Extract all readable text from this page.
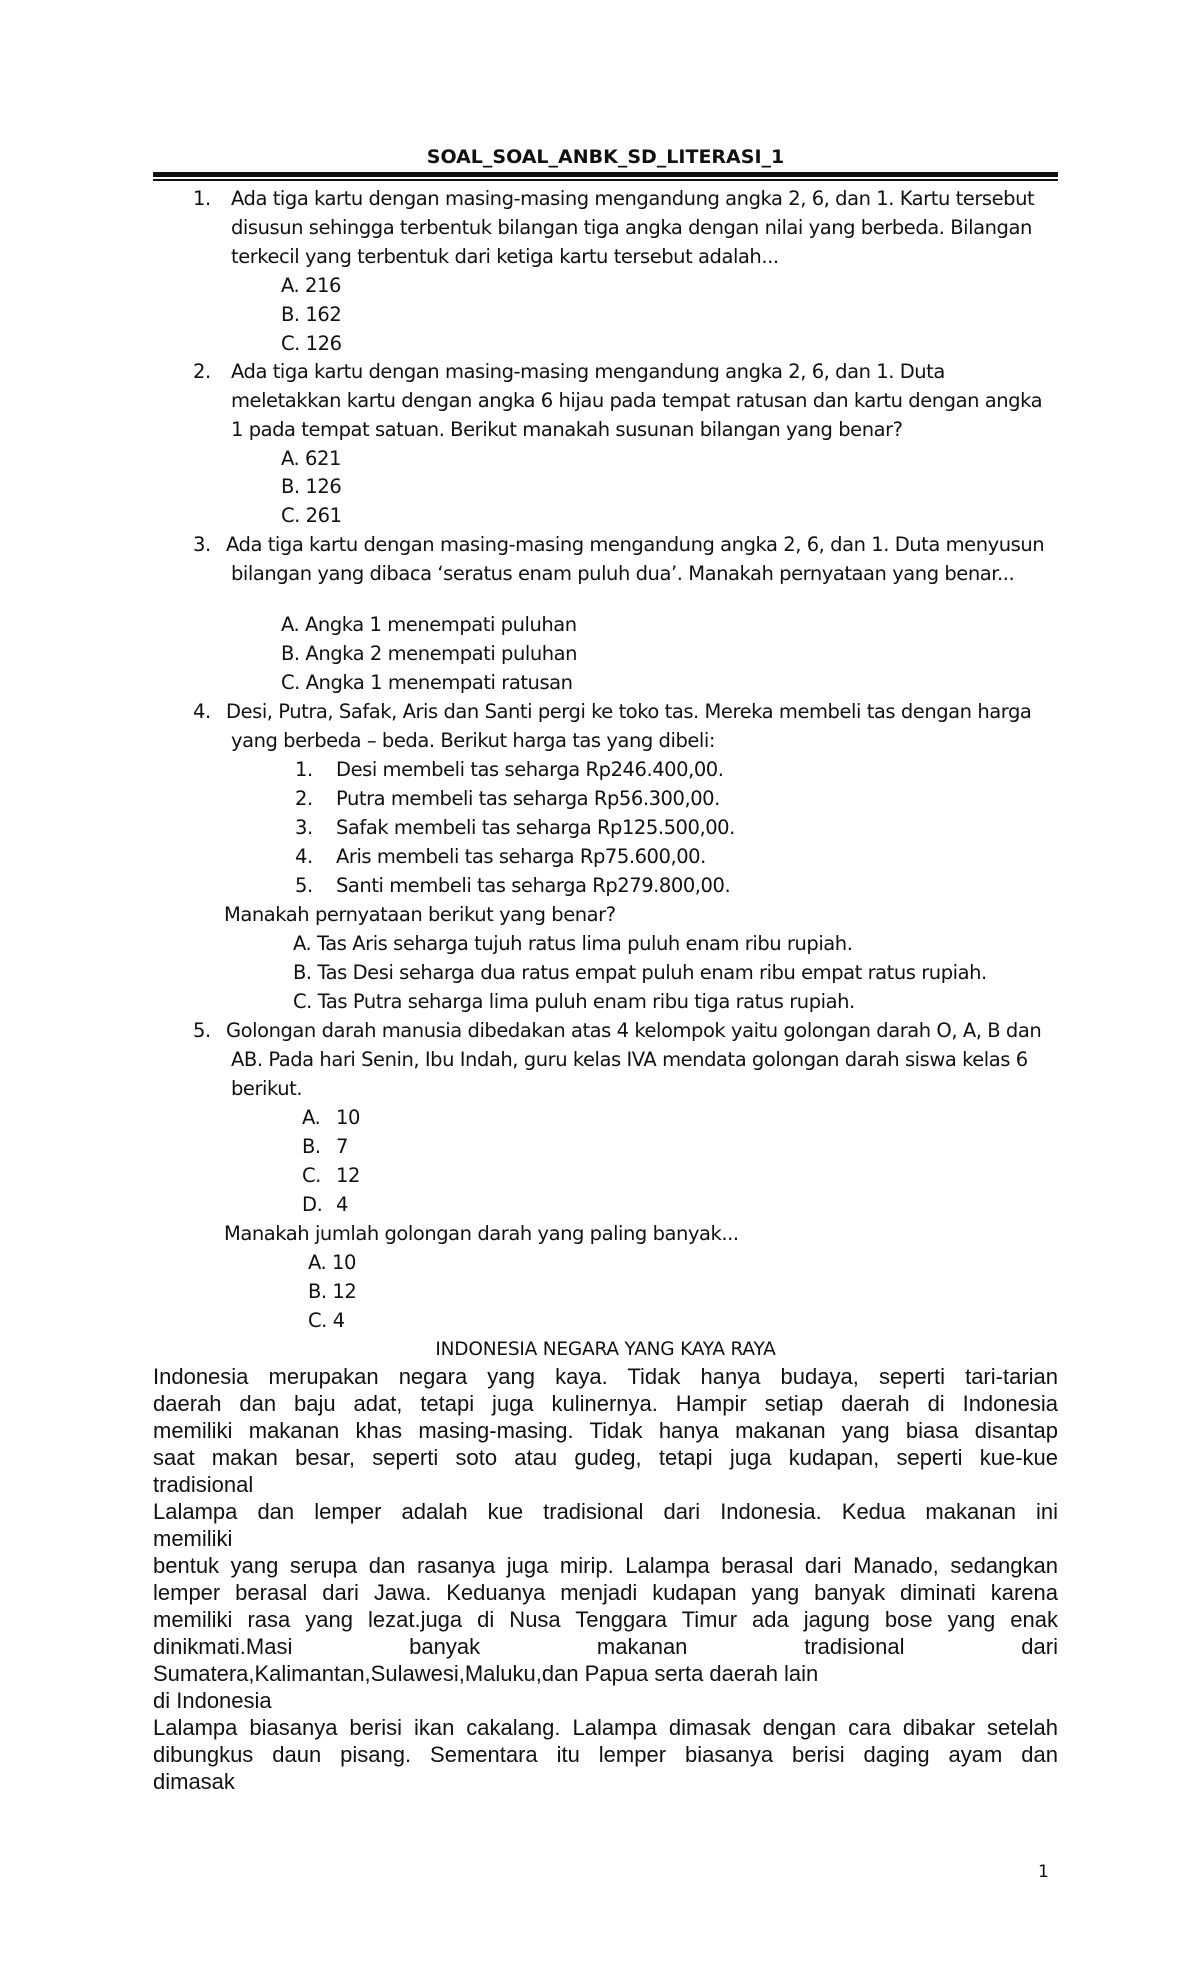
SOAL_SOAL_ANBK_SD_LITERASI_1
1. Ada tiga kartu dengan masing-masing mengandung angka 2, 6, dan 1. Kartu tersebut
disusun sehingga terbentuk bilangan tiga angka dengan nilai yang berbeda. Bilangan
terkecil yang terbentuk dari ketiga kartu tersebut adalah...
A. 216
B. 162
C. 126
2. Ada tiga kartu dengan masing-masing mengandung angka 2, 6, dan 1. Duta
meletakkan kartu dengan angka 6 hijau pada tempat ratusan dan kartu dengan angka
1 pada tempat satuan. Berikut manakah susunan bilangan yang benar?
A. 621
B. 126
C. 261
3. Ada tiga kartu dengan masing-masing mengandung angka 2, 6, dan 1. Duta menyusun
bilangan yang dibaca ‘seratus enam puluh dua’. Manakah pernyataan yang benar...
A. Angka 1 menempati puluhan
B. Angka 2 menempati puluhan
C. Angka 1 menempati ratusan
4. Desi, Putra, Safak, Aris dan Santi pergi ke toko tas. Mereka membeli tas dengan harga
yang berbeda – beda. Berikut harga tas yang dibeli:
1. Desi membeli tas seharga Rp246.400,00.
2. Putra membeli tas seharga Rp56.300,00.
3. Safak membeli tas seharga Rp125.500,00.
4. Aris membeli tas seharga Rp75.600,00.
5. Santi membeli tas seharga Rp279.800,00.
Manakah pernyataan berikut yang benar?
A. Tas Aris seharga tujuh ratus lima puluh enam ribu rupiah.
B. Tas Desi seharga dua ratus empat puluh enam ribu empat ratus rupiah.
C. Tas Putra seharga lima puluh enam ribu tiga ratus rupiah.
5. Golongan darah manusia dibedakan atas 4 kelompok yaitu golongan darah O, A, B dan
AB. Pada hari Senin, Ibu Indah, guru kelas IVA mendata golongan darah siswa kelas 6
berikut.
A. 10
B. 7
C. 12
D. 4
Manakah jumlah golongan darah yang paling banyak...
A. 10
B. 12
C. 4
INDONESIA NEGARA YANG KAYA RAYA
Indonesia merupakan negara yang kaya. Tidak hanya budaya, seperti tari-tarian
daerah dan baju adat, tetapi juga kulinernya. Hampir setiap daerah di Indonesia
memiliki makanan khas masing-masing. Tidak hanya makanan yang biasa disantap
saat makan besar, seperti soto atau gudeg, tetapi juga kudapan, seperti kue-kue
tradisional
Lalampa dan lemper adalah kue tradisional dari Indonesia. Kedua makanan ini
memiliki
bentuk yang serupa dan rasanya juga mirip. Lalampa berasal dari Manado, sedangkan
lemper berasal dari Jawa. Keduanya menjadi kudapan yang banyak diminati karena
memiliki rasa yang lezat.juga di Nusa Tenggara Timur ada jagung bose yang enak
dinikmati.Masi banyak makanan tradisional dari
Sumatera,Kalimantan,Sulawesi,Maluku,dan Papua serta daerah lain
di Indonesia
Lalampa biasanya berisi ikan cakalang. Lalampa dimasak dengan cara dibakar setelah
dibungkus daun pisang. Sementara itu lemper biasanya berisi daging ayam dan
dimasak
1
